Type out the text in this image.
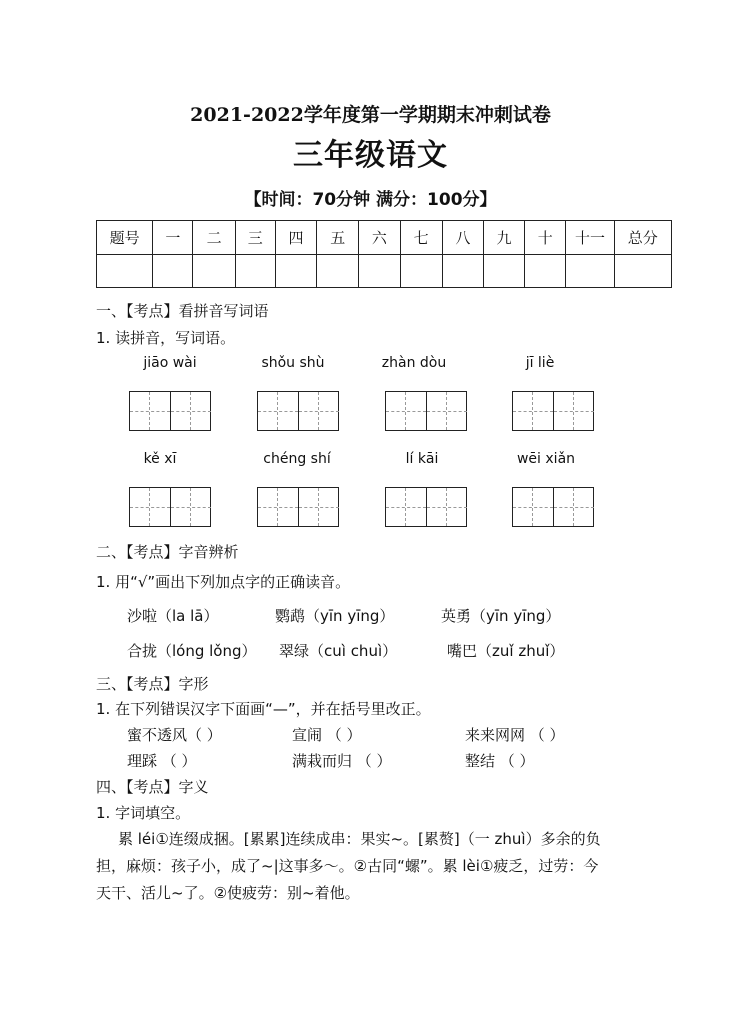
2021-2022学年度第一学期期末冲刺试卷
三年级语文
【时间：70分钟 满分：100分】
题号	一	二	三	四	五	六	七	八	九	十	十一	总分

一、【考点】看拼音写词语
1. 读拼音，写词语。
jiāo wài	shǒu shù	zhàn dòu	jī liè
kě xī	chéng shí	lí kāi	wēi xiǎn
二、【考点】字音辨析
1. 用“√”画出下列加点字的正确读音。
沙啦（la lā）	鹦鹉（yīn yīng）	英勇（yīn yīng）
合拢（lóng lǒng） 翠绿（cuì chuì）	嘴巴（zuǐ zhuǐ）
三、【考点】字形
1. 在下列错误汉字下面画“—”，并在括号里改正。
蜜不透风（ ）	宣闹 （ ）	来来网网 （ ）
理踩 （ ）	满栽而归 （ ）	整结 （ ）
四、【考点】字义
1. 字词填空。
累 léi①连缀成捆。[累累]连续成串：果实~。[累赘]（一 zhuì）多余的负
担，麻烦：孩子小，成了~|这事多～。②古同“螺”。累 lèi①疲乏，过劳：今
天干、活儿~了。②使疲劳：别~着他。
